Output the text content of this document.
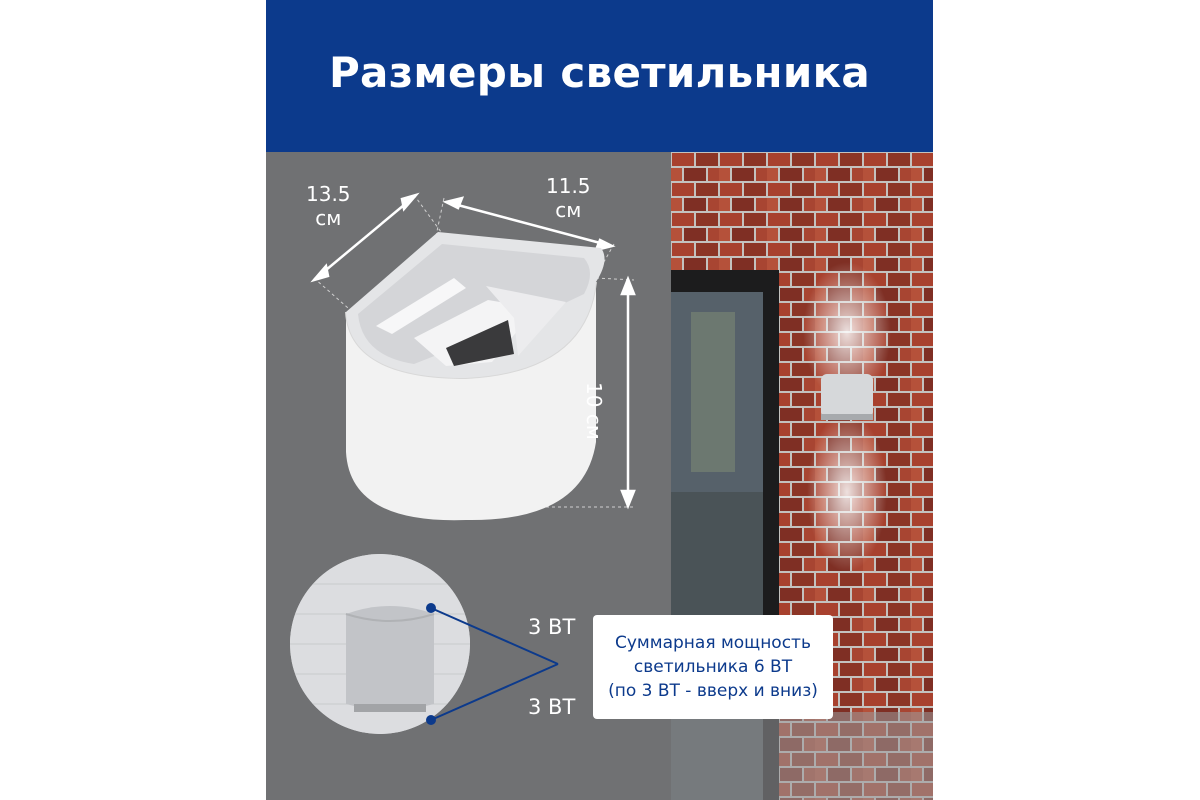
Размеры светильника
13.5
см
11.5
см
10 см
3 ВТ
3 ВТ
Суммарная мощность
светильника 6 ВТ
(по 3 ВТ - вверх и вниз)
